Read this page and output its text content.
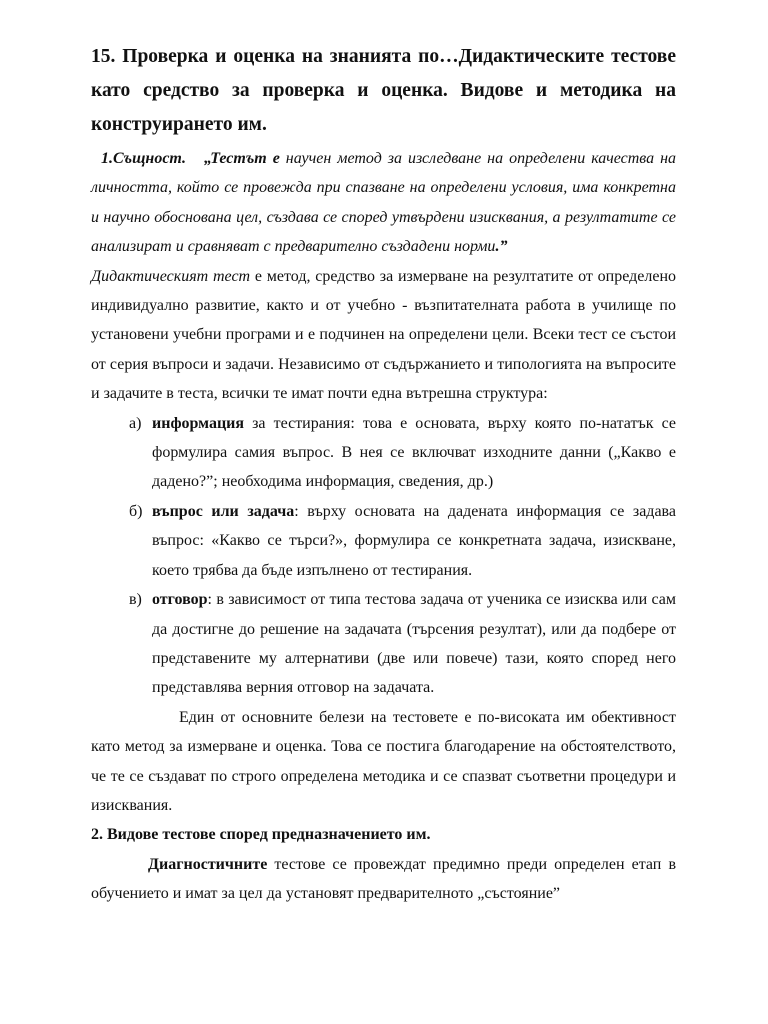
15. Проверка и оценка на знанията по…Дидактическите тестове като средство за проверка и оценка. Видове и методика на конструирането им.

1.Същност. „Тестът е научен метод за изследване на определени качества на личността, който се провежда при спазване на определени условия, има конкретна и научно обоснована цел, създава се според утвърдени изисквания, а резултатите се анализират и сравняват с предварително създадени норми.”

Дидактическият тест е метод, средство за измерване на резултатите от определено индивидуално развитие, както и от учебно - възпитателната работа в училище по установени учебни програми и е подчинен на определени цели. Всеки тест се състои от серия въпроси и задачи. Независимо от съдържанието и типологията на въпросите и задачите в теста, всички те имат почти една вътрешна структура:

а) информация за тестирания: това е основата, върху която по-нататък се формулира самия въпрос. В нея се включват изходните данни („Какво е дадено?”; необходима информация, сведения, др.)
б) въпрос или задача: върху основата на дадената информация се задава въпрос: «Какво се търси?», формулира се конкретната задача, изискване, което трябва да бъде изпълнено от тестирания.
в) отговор: в зависимост от типа тестова задача от ученика се изисква или сам да достигне до решение на задачата (търсения резултат), или да подбере от представените му алтернативи (две или повече) тази, която според него представлява верния отговор на задачата.

Един от основните белези на тестовете е по-високата им обективност като метод за измерване и оценка. Това се постига благодарение на обстоятелството, че те се създават по строго определена методика и се спазват съответни процедури и изисквания.

2. Видове тестове според предназначението им.

Диагностичните тестове се провеждат предимно преди определен етап в обучението и имат за цел да установят предварителното „състояние”
